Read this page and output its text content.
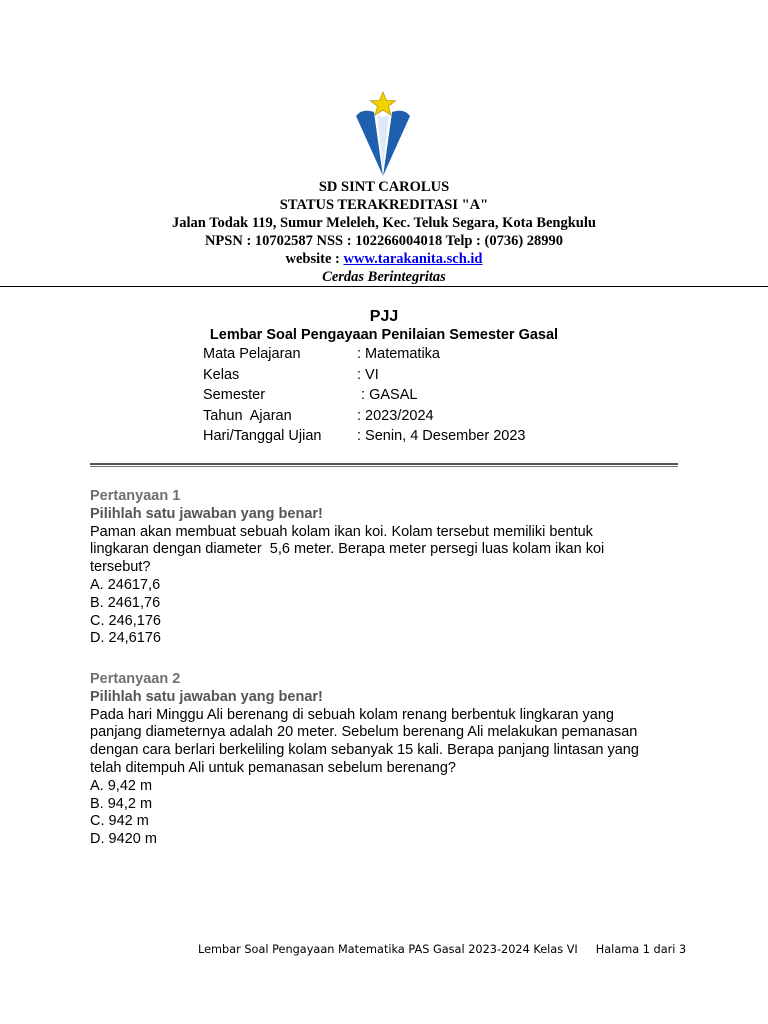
SD SINT CAROLUS
STATUS TERAKREDITASI "A"
Jalan Todak 119, Sumur Meleleh, Kec. Teluk Segara, Kota Bengkulu
NPSN : 10702587 NSS : 102266004018 Telp : (0736) 28990
website : www.tarakanita.sch.id
Cerdas Berintegritas
PJJ
Lembar Soal Pengayaan Penilaian Semester Gasal
Mata Pelajaran	: Matematika
Kelas	: VI
Semester	: GASAL
Tahun  Ajaran	: 2023/2024
Hari/Tanggal Ujian : Senin, 4 Desember 2023
Pertanyaan 1
Pilihlah satu jawaban yang benar!
Paman akan membuat sebuah kolam ikan koi. Kolam tersebut memiliki bentuk
lingkaran dengan diameter  5,6 meter. Berapa meter persegi luas kolam ikan koi
tersebut?
A. 24617,6
B. 2461,76
C. 246,176
D. 24,6176
Pertanyaan 2
Pilihlah satu jawaban yang benar!
Pada hari Minggu Ali berenang di sebuah kolam renang berbentuk lingkaran yang
panjang diameternya adalah 20 meter. Sebelum berenang Ali melakukan pemanasan
dengan cara berlari berkeliling kolam sebanyak 15 kali. Berapa panjang lintasan yang
telah ditempuh Ali untuk pemanasan sebelum berenang?
A. 9,42 m
B. 94,2 m
C. 942 m
D. 9420 m
Lembar Soal Pengayaan Matematika PAS Gasal 2023-2024 Kelas VI Halama 1 dari 3
